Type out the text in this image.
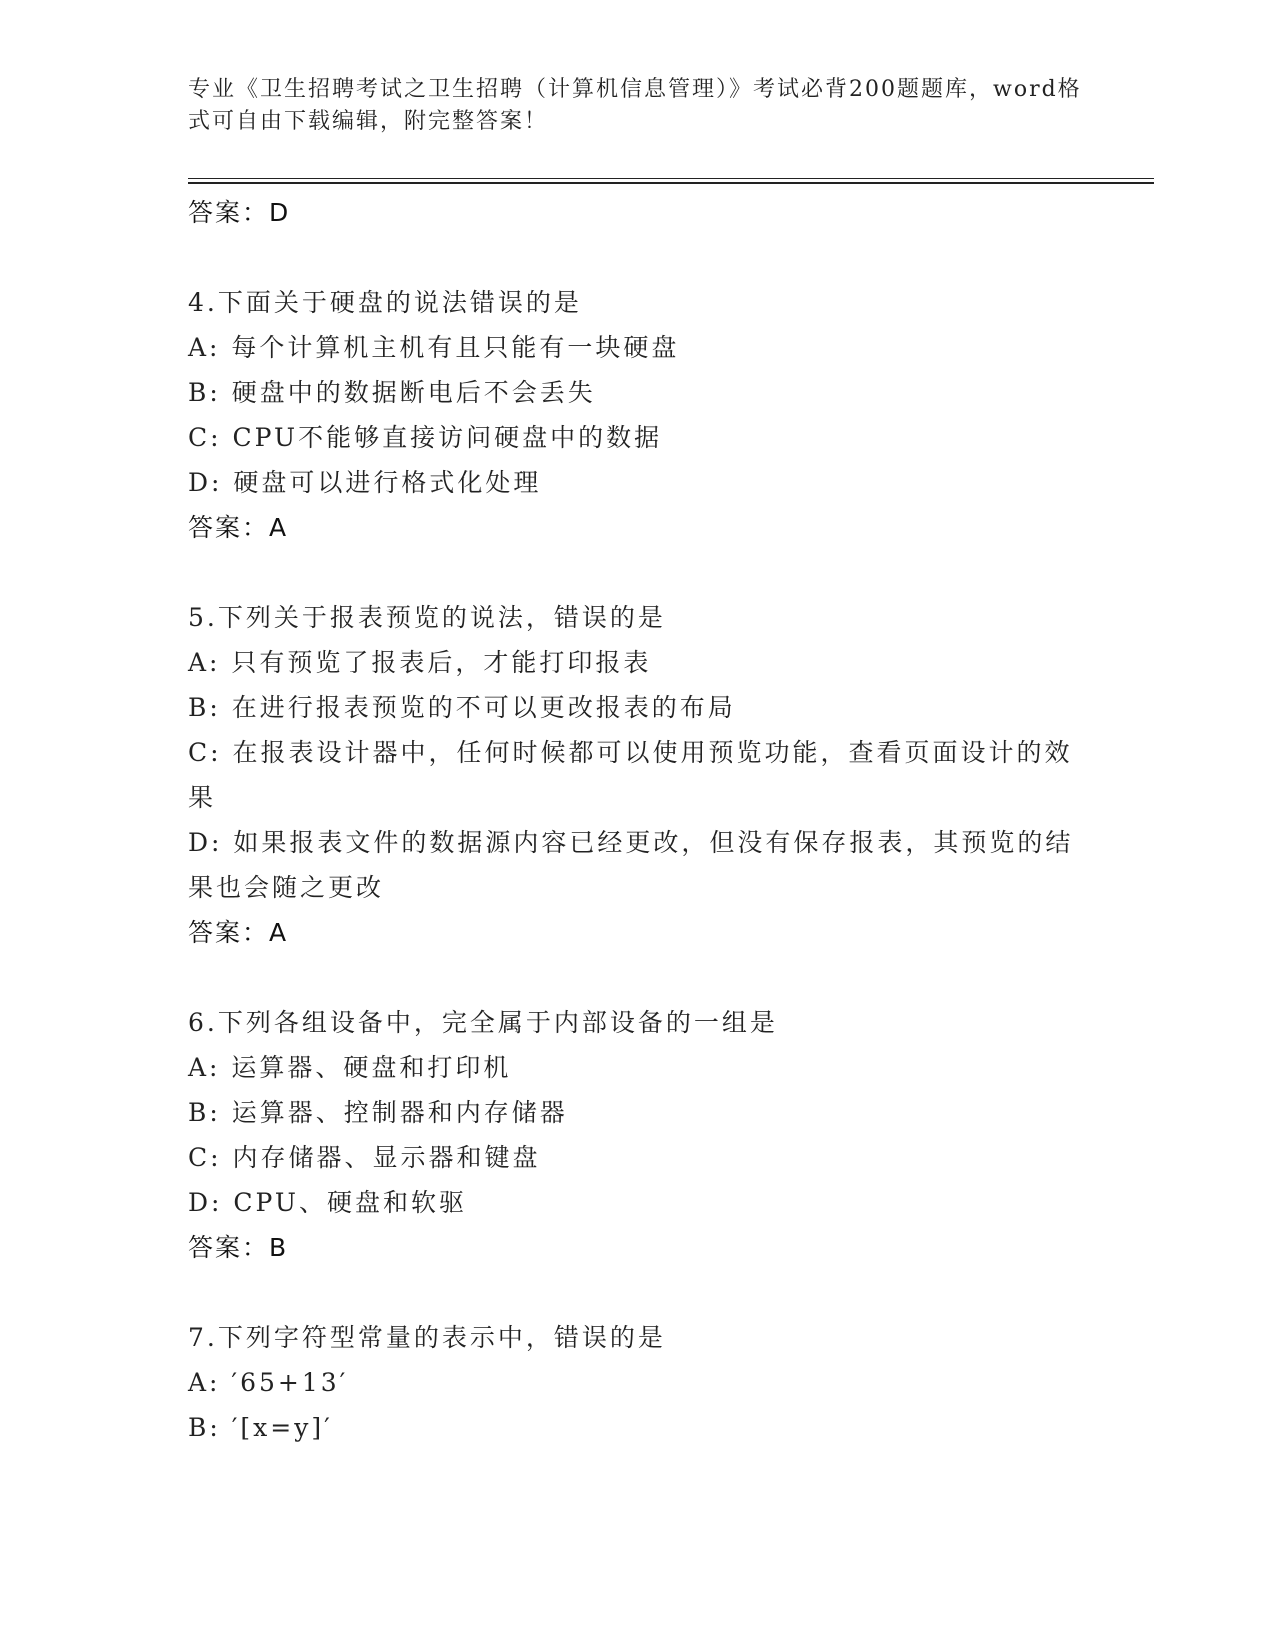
专业《卫生招聘考试之卫生招聘（计算机信息管理）》考试必背200题题库，word格式可自由下载编辑，附完整答案！
答案：D
4.下面关于硬盘的说法错误的是
A: 每个计算机主机有且只能有一块硬盘
B: 硬盘中的数据断电后不会丢失
C: CPU不能够直接访问硬盘中的数据
D: 硬盘可以进行格式化处理
答案：A
5.下列关于报表预览的说法，错误的是
A: 只有预览了报表后，才能打印报表
B: 在进行报表预览的不可以更改报表的布局
C: 在报表设计器中，任何时候都可以使用预览功能，查看页面设计的效果
D: 如果报表文件的数据源内容已经更改，但没有保存报表，其预览的结果也会随之更改
答案：A
6.下列各组设备中，完全属于内部设备的一组是
A: 运算器、硬盘和打印机
B: 运算器、控制器和内存储器
C: 内存储器、显示器和键盘
D: CPU、硬盘和软驱
答案：B
7.下列字符型常量的表示中，错误的是
A: ′65+13′
B: ′[x=y]′
